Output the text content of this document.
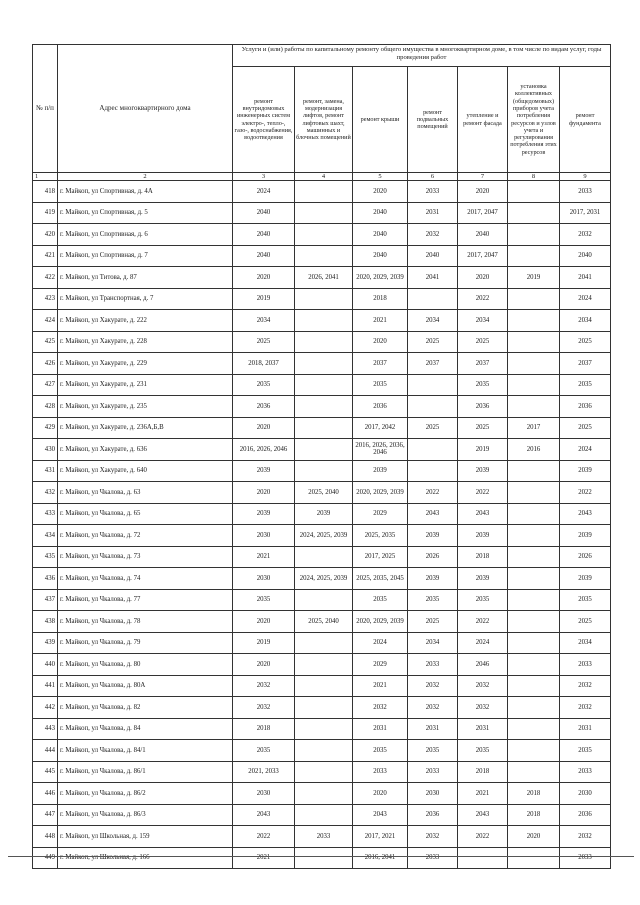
№ п/п	Адрес многоквартирного дома	Услуги и (или) работы по капитальному ремонту общего имущества в многоквартирном доме, в том числе по видам услуг, годы проведения работ						
		ремонт внутридомовых инженерных систем электро-, тепло-, газо-, водоснабжения, водоотведения	ремонт, замена, модернизация лифтов, ремонт лифтовых шахт, машинных и блочных помещений	ремонт крыши	ремонт подвальных помещений	утепление и ремонт фасада	установка коллективных (общедомовых) приборов учета потребления ресурсов и узлов учета и регулирования потребления этих ресурсов	ремонт фундамента
1	2	3	4	5	6	7	8	9
418	г. Майкоп, ул Спортивная, д. 4А	2024		2020	2033	2020		2033
419	г. Майкоп, ул Спортивная, д. 5	2040		2040	2031	2017, 2047		2017, 2031
420	г. Майкоп, ул Спортивная, д. 6	2040		2040	2032	2040		2032
421	г. Майкоп, ул Спортивная, д. 7	2040		2040	2040	2017, 2047		2040
422	г. Майкоп, ул Титова, д. 87	2020	2026, 2041	2020, 2029, 2039	2041	2020	2019	2041
423	г. Майкоп, ул Транспортная, д. 7	2019		2018		2022		2024
424	г. Майкоп, ул Хакурате, д. 222	2034		2021	2034	2034		2034
425	г. Майкоп, ул Хакурате, д. 228	2025		2020	2025	2025		2025
426	г. Майкоп, ул Хакурате, д. 229	2018, 2037		2037	2037	2037		2037
427	г. Майкоп, ул Хакурате, д. 231	2035		2035		2035		2035
428	г. Майкоп, ул Хакурате, д. 235	2036		2036		2036		2036
429	г. Майкоп, ул Хакурате, д. 236А,Б,В	2020		2017, 2042	2025	2025	2017	2025
430	г. Майкоп, ул Хакурате, д. 636	2016, 2026, 2046		2016, 2026, 2036, 2046		2019	2016	2024
431	г. Майкоп, ул Хакурате, д. 640	2039		2039		2039		2039
432	г. Майкоп, ул Чкалова, д. 63	2020	2025, 2040	2020, 2029, 2039	2022	2022		2022
433	г. Майкоп, ул Чкалова, д. 65	2039	2039	2029	2043	2043		2043
434	г. Майкоп, ул Чкалова, д. 72	2030	2024, 2025, 2039	2025, 2035	2039	2039		2039
435	г. Майкоп, ул Чкалова, д. 73	2021		2017, 2025	2026	2018		2026
436	г. Майкоп, ул Чкалова, д. 74	2030	2024, 2025, 2039	2025, 2035, 2045	2039	2039		2039
437	г. Майкоп, ул Чкалова, д. 77	2035		2035	2035	2035		2035
438	г. Майкоп, ул Чкалова, д. 78	2020	2025, 2040	2020, 2029, 2039	2025	2022		2025
439	г. Майкоп, ул Чкалова, д. 79	2019		2024	2034	2024		2034
440	г. Майкоп, ул Чкалова, д. 80	2020		2029	2033	2046		2033
441	г. Майкоп, ул Чкалова, д. 80А	2032		2021	2032	2032		2032
442	г. Майкоп, ул Чкалова, д. 82	2032		2032	2032	2032		2032
443	г. Майкоп, ул Чкалова, д. 84	2018		2031	2031	2031		2031
444	г. Майкоп, ул Чкалова, д. 84/1	2035		2035	2035	2035		2035
445	г. Майкоп, ул Чкалова, д. 86/1	2021, 2033		2033	2033	2018		2033
446	г. Майкоп, ул Чкалова, д. 86/2	2030		2020	2030	2021	2018	2030
447	г. Майкоп, ул Чкалова, д. 86/3	2043		2043	2036	2043	2018	2036
448	г. Майкоп, ул Школьная, д. 159	2022	2033	2017, 2021	2032	2022	2020	2032
449	г. Майкоп, ул Школьная, д. 166	2021		2016, 2041	2033			2033
